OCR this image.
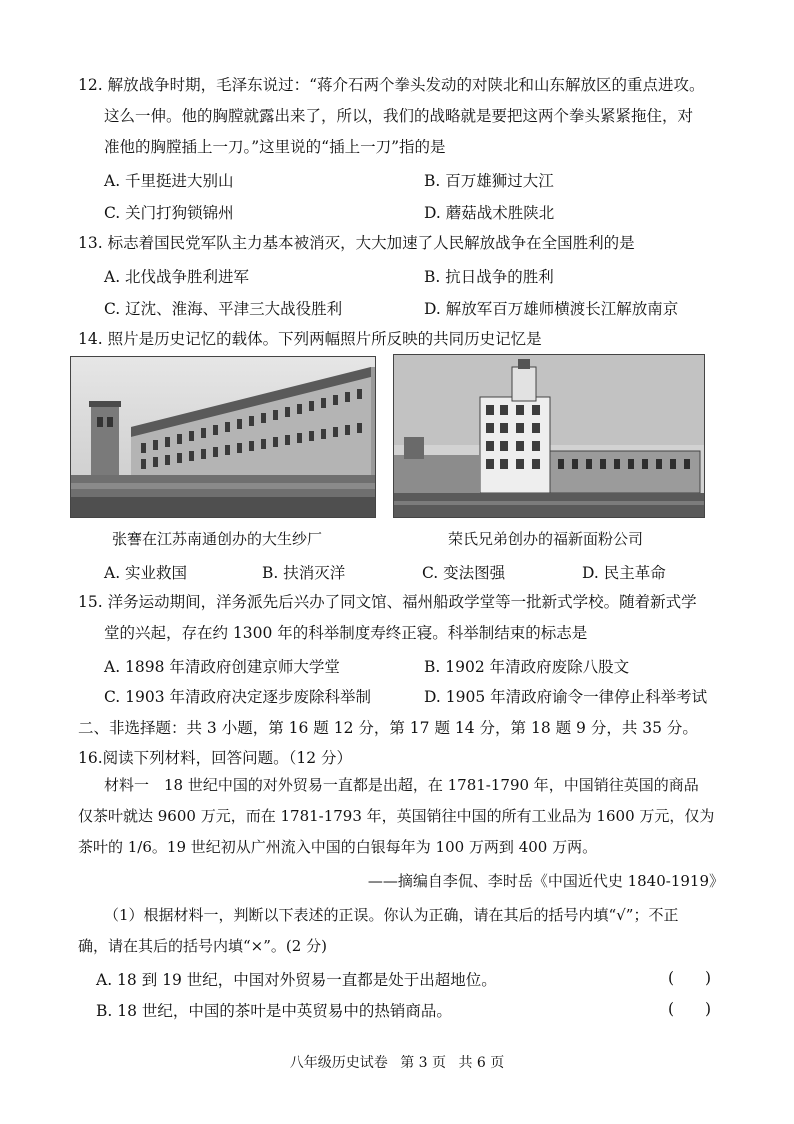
12. 解放战争时期，毛泽东说过：“蒋介石两个拳头发动的对陕北和山东解放区的重点进攻。
这么一伸。他的胸膛就露出来了，所以，我们的战略就是要把这两个拳头紧紧拖住，对
准他的胸膛插上一刀。”这里说的“插上一刀”指的是
A. 千里挺进大别山	B. 百万雄狮过大江
C. 关门打狗锁锦州	D. 蘑菇战术胜陕北
13. 标志着国民党军队主力基本被消灭，大大加速了人民解放战争在全国胜利的是
A. 北伐战争胜利进军	B. 抗日战争的胜利
C. 辽沈、淮海、平津三大战役胜利	D. 解放军百万雄师横渡长江解放南京
14. 照片是历史记忆的载体。下列两幅照片所反映的共同历史记忆是
张謇在江苏南通创办的大生纱厂	荣氏兄弟创办的福新面粉公司
A. 实业救国	B. 扶消灭洋	C. 变法图强	D. 民主革命
15. 洋务运动期间，洋务派先后兴办了同文馆、福州船政学堂等一批新式学校。随着新式学
堂的兴起，存在约 1300 年的科举制度寿终正寝。科举制结束的标志是
A. 1898 年清政府创建京师大学堂	B. 1902 年清政府废除八股文
C. 1903 年清政府决定逐步废除科举制	D. 1905 年清政府谕令一律停止科举考试
二、非选择题：共 3 小题，第 16 题 12 分，第 17 题 14 分，第 18 题 9 分，共 35 分。
16.阅读下列材料，回答问题。（12 分）
材料一　18 世纪中国的对外贸易一直都是出超，在 1781-1790 年，中国销往英国的商品
仅茶叶就达 9600 万元，而在 1781-1793 年，英国销往中国的所有工业品为 1600 万元，仅为
茶叶的 1/6。19 世纪初从广州流入中国的白银每年为 100 万两到 400 万两。
——摘编自李侃、李时岳《中国近代史 1840-1919》
（1）根据材料一，判断以下表述的正误。你认为正确，请在其后的括号内填“√”；不正
确，请在其后的括号内填“×”。(2 分)
A. 18 到 19 世纪，中国对外贸易一直都是处于出超地位。	(　　)
B. 18 世纪，中国的茶叶是中英贸易中的热销商品。	(　　)
八年级历史试卷 第 3 页 共 6 页
